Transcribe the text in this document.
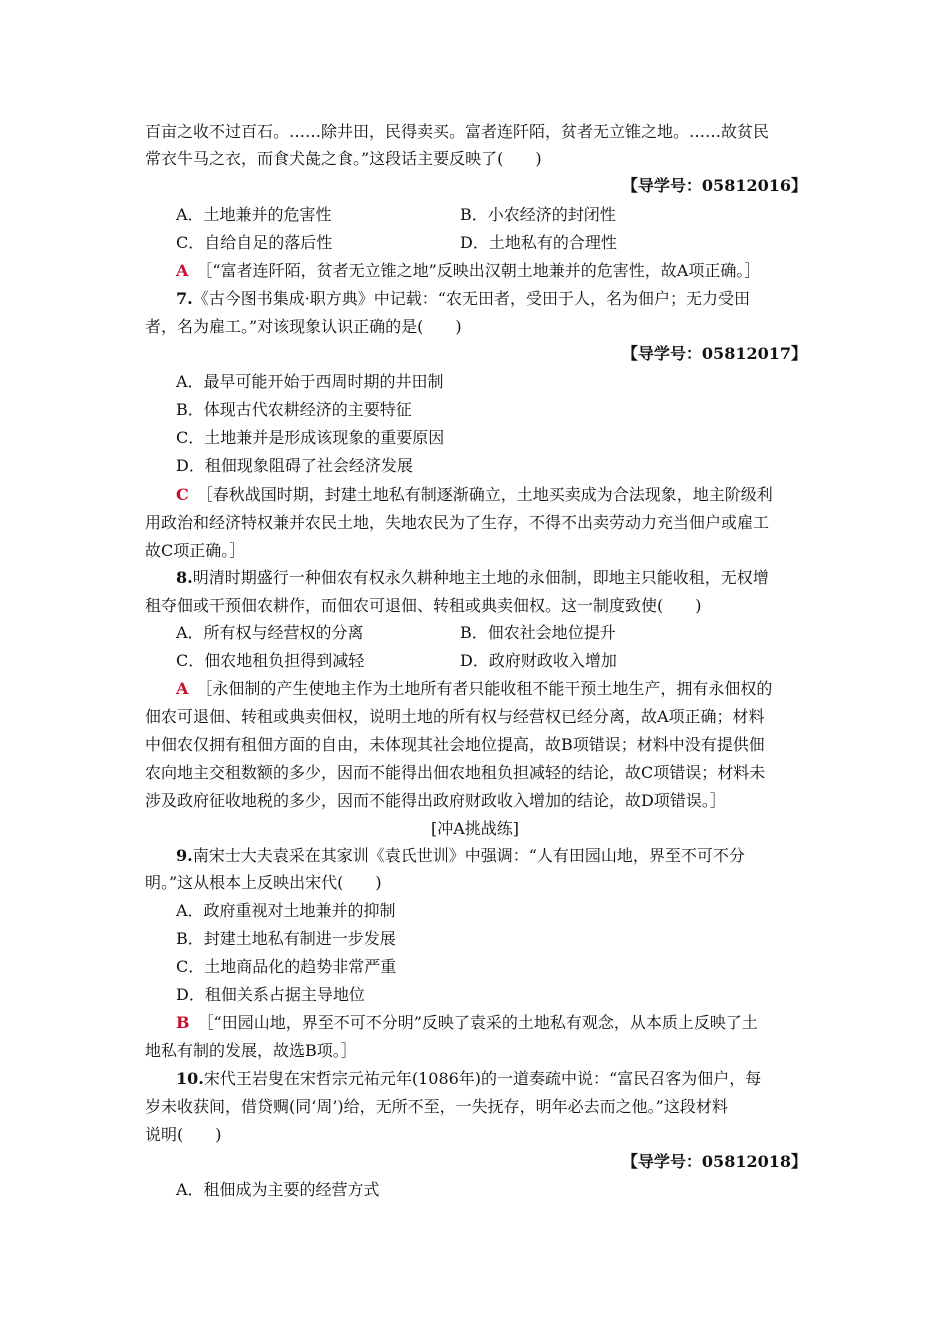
百亩之收不过百石。……除井田，民得卖买。富者连阡陌，贫者无立锥之地。……故贫民
常衣牛马之衣，而食犬彘之食。”这段话主要反映了(　　)
【导学号：05812016】
A．土地兼并的危害性	B．小农经济的封闭性
C．自给自足的落后性	D．土地私有的合理性
A ［“富者连阡陌，贫者无立锥之地”反映出汉朝土地兼并的危害性，故A项正确。］
7.《古今图书集成·职方典》中记载：“农无田者，受田于人，名为佃户；无力受田
者，名为雇工。”对该现象认识正确的是(　　)
【导学号：05812017】
A．最早可能开始于西周时期的井田制
B．体现古代农耕经济的主要特征
C．土地兼并是形成该现象的重要原因
D．租佃现象阻碍了社会经济发展
C ［春秋战国时期，封建土地私有制逐渐确立，土地买卖成为合法现象，地主阶级利
用政治和经济特权兼并农民土地，失地农民为了生存，不得不出卖劳动力充当佃户或雇工
故C项正确。］
8.明清时期盛行一种佃农有权永久耕种地主土地的永佃制，即地主只能收租，无权增
租夺佃或干预佃农耕作，而佃农可退佃、转租或典卖佃权。这一制度致使(　　)
A．所有权与经营权的分离	B．佃农社会地位提升
C．佃农地租负担得到减轻	D．政府财政收入增加
A ［永佃制的产生使地主作为土地所有者只能收租不能干预土地生产，拥有永佃权的
佃农可退佃、转租或典卖佃权，说明土地的所有权与经营权已经分离，故A项正确；材料
中佃农仅拥有租佃方面的自由，未体现其社会地位提高，故B项错误；材料中没有提供佃
农向地主交租数额的多少，因而不能得出佃农地租负担减轻的结论，故C项错误；材料未
涉及政府征收地税的多少，因而不能得出政府财政收入增加的结论，故D项错误。］
[冲A挑战练]
9.南宋士大夫袁采在其家训《袁氏世训》中强调：“人有田园山地，界至不可不分
明。”这从根本上反映出宋代(　　)
A．政府重视对土地兼并的抑制
B．封建土地私有制进一步发展
C．土地商品化的趋势非常严重
D．租佃关系占据主导地位
B ［“田园山地，界至不可不分明”反映了袁采的土地私有观念，从本质上反映了土
地私有制的发展，故选B项。］
10.宋代王岩叟在宋哲宗元祐元年(1086年)的一道奏疏中说：“富民召客为佃户，每
岁未收获间，借贷赒(同‘周’)给，无所不至，一失抚存，明年必去而之他。”这段材料
说明(　　)
【导学号：05812018】
A．租佃成为主要的经营方式
